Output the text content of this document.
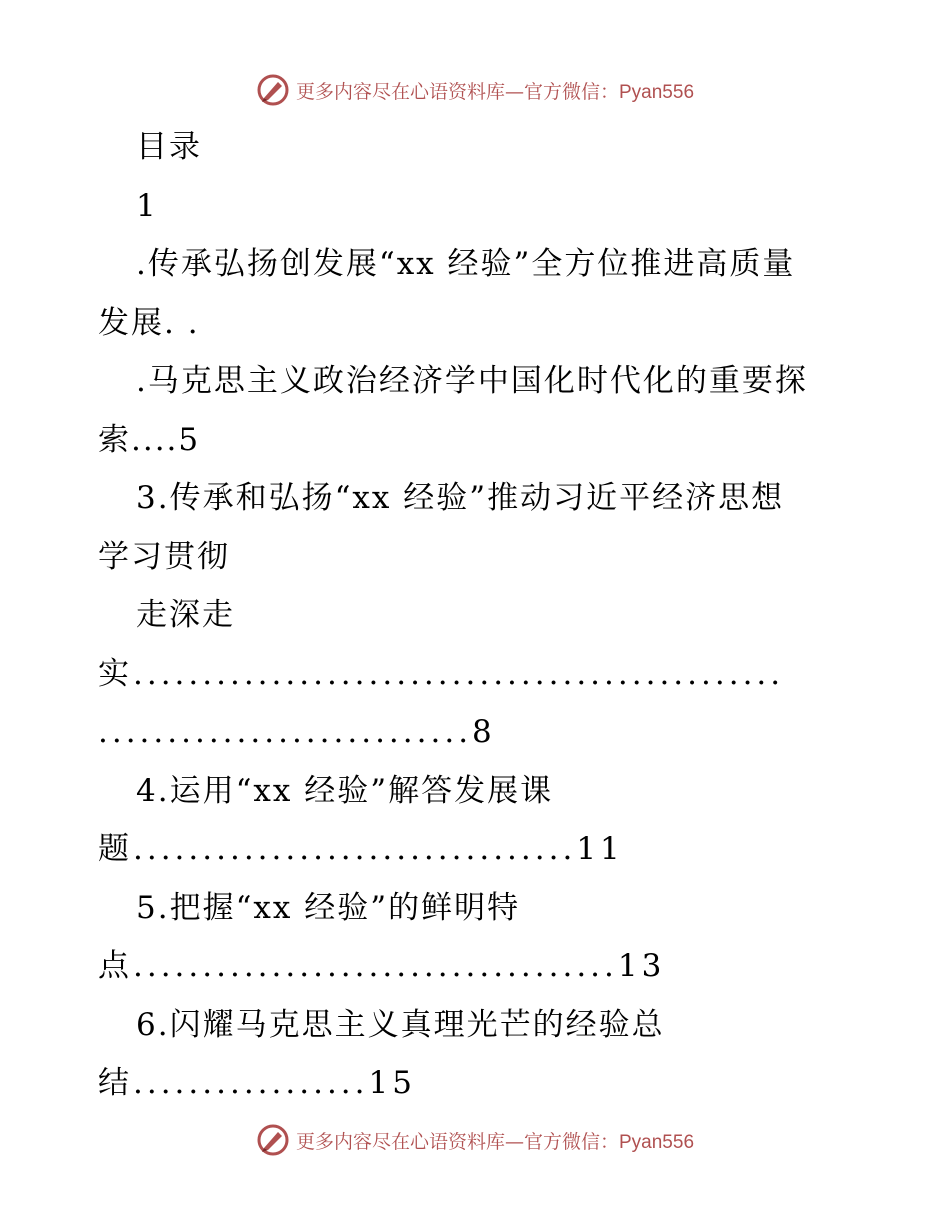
更多内容尽在心语资料库—官方微信：Pyan556
目录
1
.传承弘扬创发展“xx 经验”全方位推进高质量
发展. .
.马克思主义政治经济学中国化时代化的重要探
索....5
3.传承和弘扬“xx 经验”推动习近平经济思想
学习贯彻
走深走
实...............................................
...........................8
4.运用“xx 经验”解答发展课
题................................11
5.把握“xx 经验”的鲜明特
点...................................13
6.闪耀马克思主义真理光芒的经验总
结.................15
更多内容尽在心语资料库—官方微信：Pyan556
